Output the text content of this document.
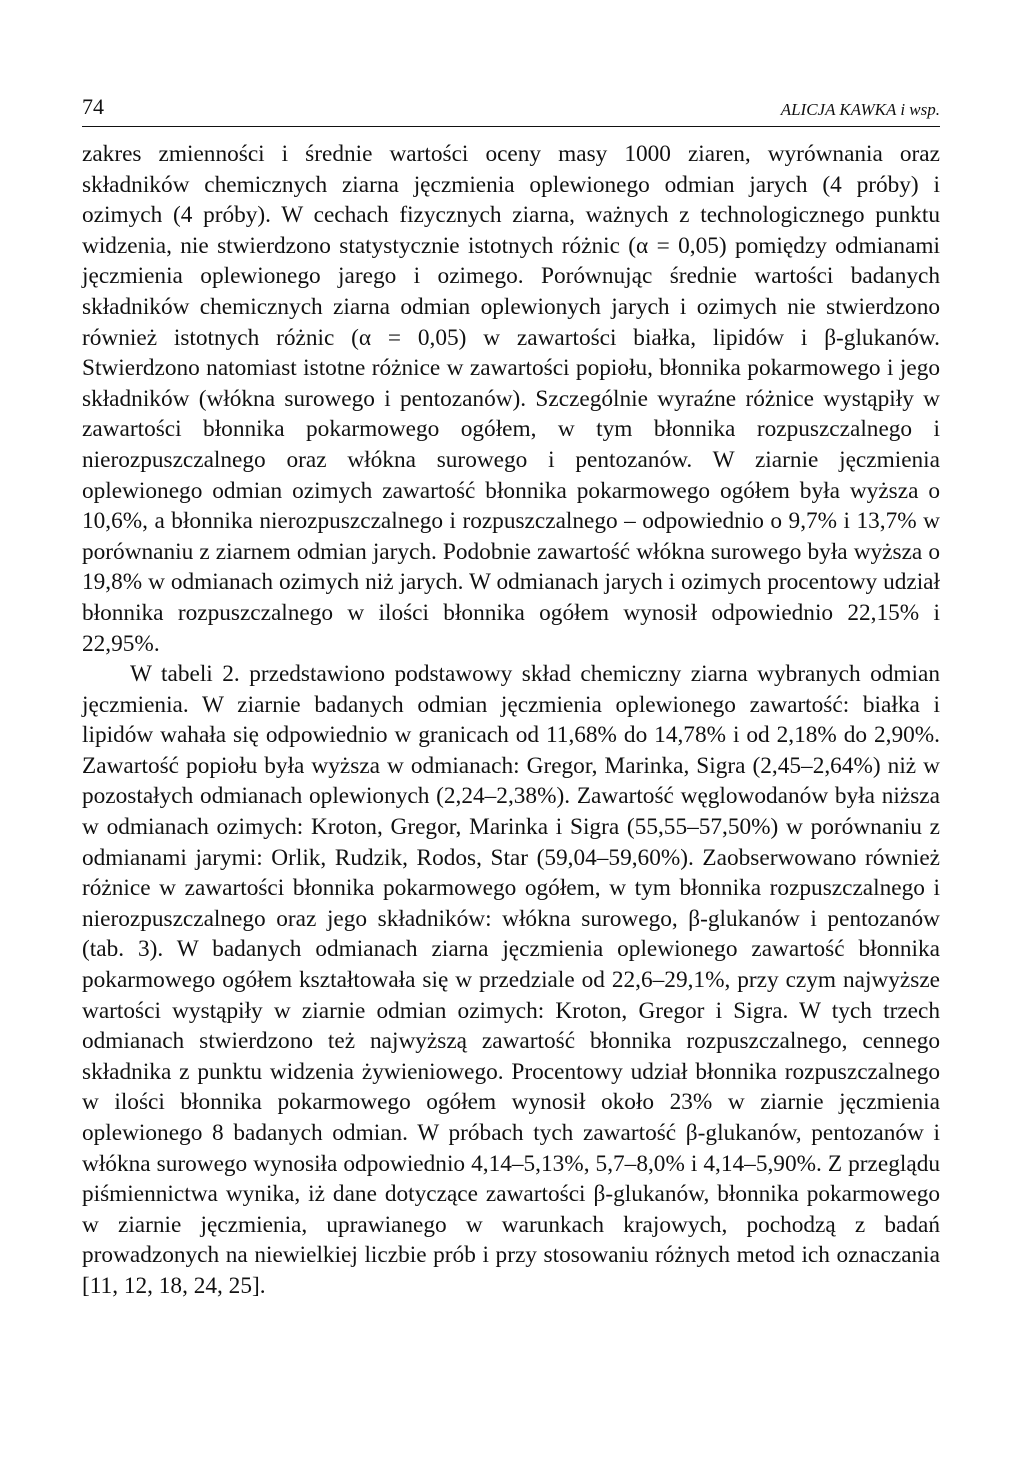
74	ALICJA KAWKA i wsp.

zakres zmienności i średnie wartości oceny masy 1000 ziaren, wyrównania oraz składników chemicznych ziarna jęczmienia oplewionego odmian jarych (4 próby) i ozimych (4 próby). W cechach fizycznych ziarna, ważnych z technologicznego punktu widzenia, nie stwierdzono statystycznie istotnych różnic (α = 0,05) pomiędzy odmianami jęczmienia oplewionego jarego i ozimego. Porównując średnie wartości badanych składników chemicznych ziarna odmian oplewionych jarych i ozimych nie stwierdzono również istotnych różnic (α = 0,05) w zawartości białka, lipidów i β-glukanów. Stwierdzono natomiast istotne różnice w zawartości popiołu, błonnika pokarmowego i jego składników (włókna surowego i pentozanów). Szczególnie wyraźne różnice wystąpiły w zawartości błonnika pokarmowego ogółem, w tym błonnika rozpuszczalnego i nierozpuszczalnego oraz włókna surowego i pentozanów. W ziarnie jęczmienia oplewionego odmian ozimych zawartość błonnika pokarmowego ogółem była wyższa o 10,6%, a błonnika nierozpuszczalnego i rozpuszczalnego – odpowiednio o 9,7% i 13,7% w porównaniu z ziarnem odmian jarych. Podobnie zawartość włókna surowego była wyższa o 19,8% w odmianach ozimych niż jarych. W odmianach jarych i ozimych procentowy udział błonnika rozpuszczalnego w ilości błonnika ogółem wynosił odpowiednio 22,15% i 22,95%.

W tabeli 2. przedstawiono podstawowy skład chemiczny ziarna wybranych odmian jęczmienia. W ziarnie badanych odmian jęczmienia oplewionego zawartość: białka i lipidów wahała się odpowiednio w granicach od 11,68% do 14,78% i od 2,18% do 2,90%. Zawartość popiołu była wyższa w odmianach: Gregor, Marinka, Sigra (2,45–2,64%) niż w pozostałych odmianach oplewionych (2,24–2,38%). Zawartość węglowodanów była niższa w odmianach ozimych: Kroton, Gregor, Marinka i Sigra (55,55–57,50%) w porównaniu z odmianami jarymi: Orlik, Rudzik, Rodos, Star (59,04–59,60%). Zaobserwowano również różnice w zawartości błonnika pokarmowego ogółem, w tym błonnika rozpuszczalnego i nierozpuszczalnego oraz jego składników: włókna surowego, β-glukanów i pentozanów (tab. 3). W badanych odmianach ziarna jęczmienia oplewionego zawartość błonnika pokarmowego ogółem kształtowała się w przedziale od 22,6–29,1%, przy czym najwyższe wartości wystąpiły w ziarnie odmian ozimych: Kroton, Gregor i Sigra. W tych trzech odmianach stwierdzono też najwyższą zawartość błonnika rozpuszczalnego, cennego składnika z punktu widzenia żywieniowego. Procentowy udział błonnika rozpuszczalnego w ilości błonnika pokarmowego ogółem wynosił około 23% w ziarnie jęczmienia oplewionego 8 badanych odmian. W próbach tych zawartość β-glukanów, pentozanów i włókna surowego wynosiła odpowiednio 4,14–5,13%, 5,7–8,0% i 4,14–5,90%. Z przeglądu piśmiennictwa wynika, iż dane dotyczące zawartości β-glukanów, błonnika pokarmowego w ziarnie jęczmienia, uprawianego w warunkach krajowych, pochodzą z badań prowadzonych na niewielkiej liczbie prób i przy stosowaniu różnych metod ich oznaczania [11, 12, 18, 24, 25].
